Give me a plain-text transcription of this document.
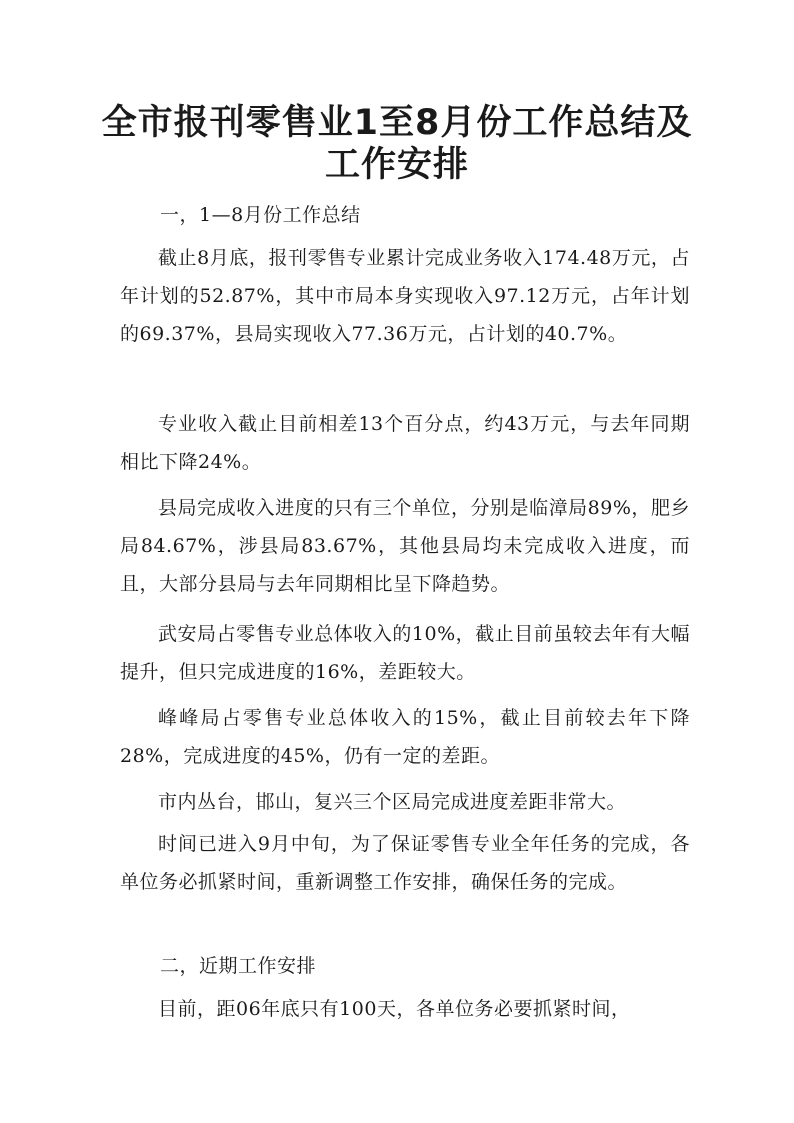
全市报刊零售业1至8月份工作总结及
工作安排

一，1—8月份工作总结

截止8月底，报刊零售专业累计完成业务收入174.48万元，占年计划的52.87%，其中市局本身实现收入97.12万元，占年计划的69.37%，县局实现收入77.36万元，占计划的40.7%。

专业收入截止目前相差13个百分点，约43万元，与去年同期相比下降24%。

县局完成收入进度的只有三个单位，分别是临漳局89%，肥乡局84.67%，涉县局83.67%，其他县局均未完成收入进度，而且，大部分县局与去年同期相比呈下降趋势。

武安局占零售专业总体收入的10%，截止目前虽较去年有大幅提升，但只完成进度的16%，差距较大。

峰峰局占零售专业总体收入的15%，截止目前较去年下降28%，完成进度的45%，仍有一定的差距。

市内丛台，邯山，复兴三个区局完成进度差距非常大。

时间已进入9月中旬，为了保证零售专业全年任务的完成，各单位务必抓紧时间，重新调整工作安排，确保任务的完成。

二，近期工作安排

目前，距06年底只有100天，各单位务必要抓紧时间，
